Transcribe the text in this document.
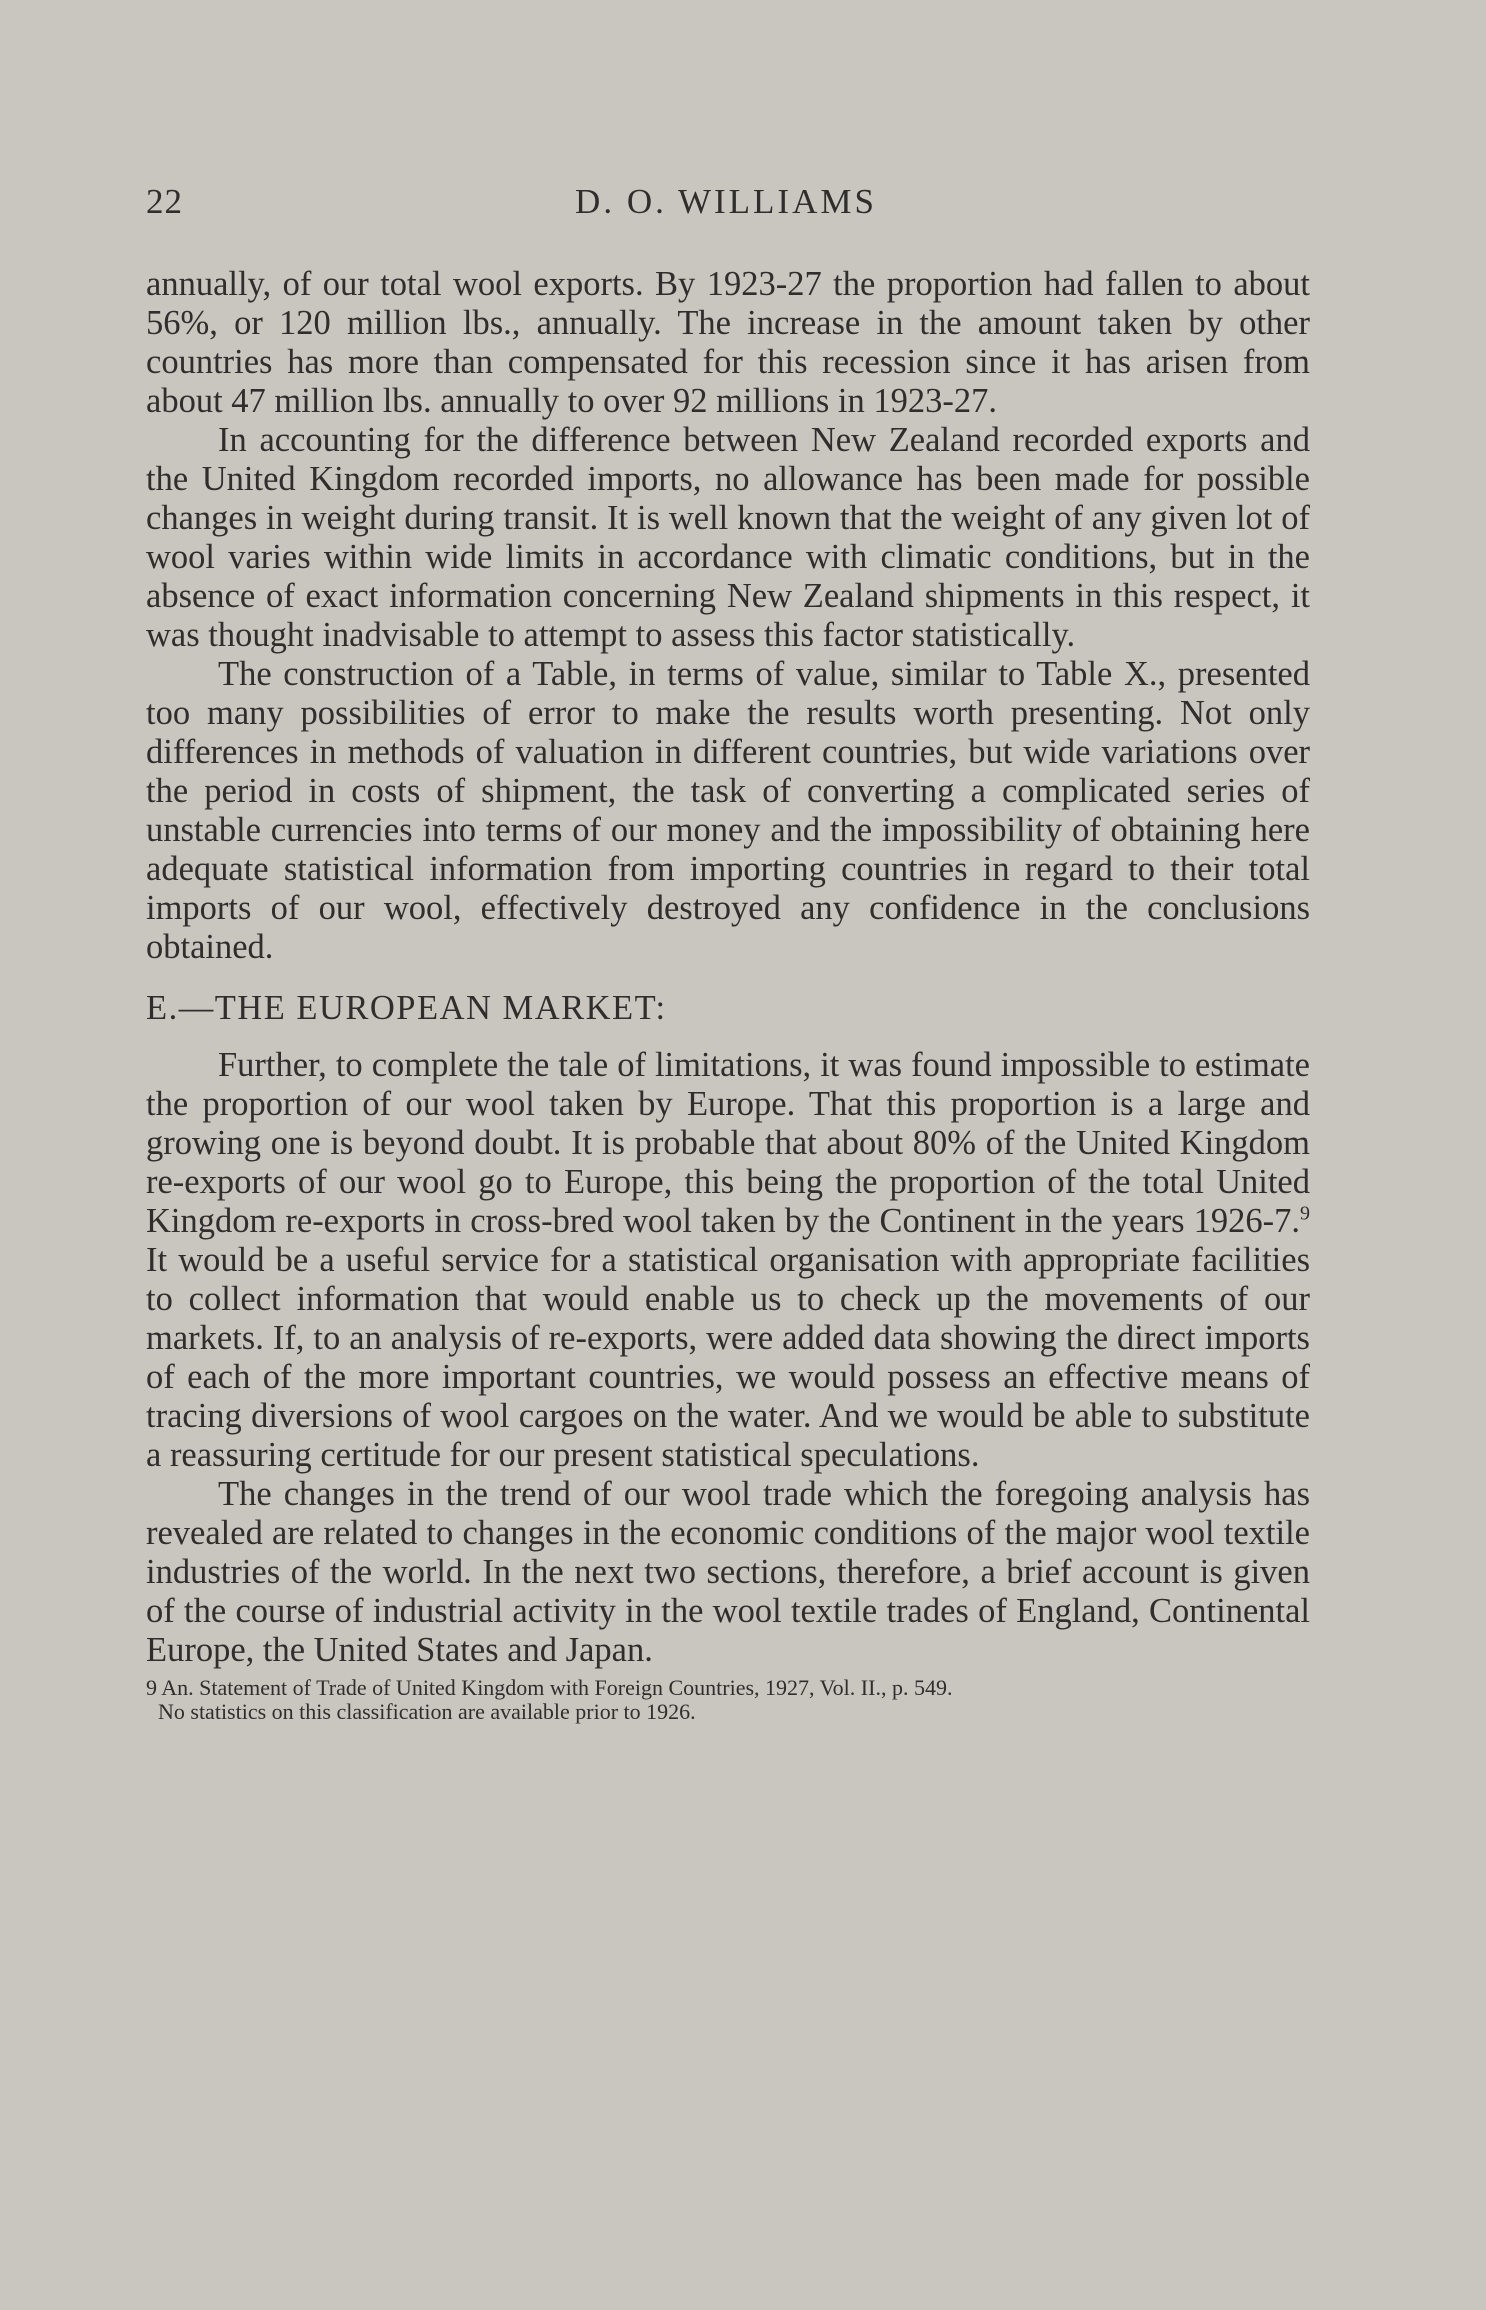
22	D. O. WILLIAMS

annually, of our total wool exports. By 1923-27 the proportion had fallen to about 56%, or 120 million lbs., annually. The increase in the amount taken by other countries has more than compensated for this recession since it has arisen from about 47 million lbs. annually to over 92 millions in 1923-27.

In accounting for the difference between New Zealand recorded exports and the United Kingdom recorded imports, no allowance has been made for possible changes in weight during transit. It is well known that the weight of any given lot of wool varies within wide limits in accordance with climatic conditions, but in the absence of exact information concerning New Zealand shipments in this respect, it was thought inadvisable to attempt to assess this factor statistically.

The construction of a Table, in terms of value, similar to Table X., presented too many possibilities of error to make the results worth presenting. Not only differences in methods of valuation in different countries, but wide variations over the period in costs of shipment, the task of converting a complicated series of unstable currencies into terms of our money and the impossibility of obtaining here adequate statistical information from importing countries in regard to their total imports of our wool, effectively destroyed any confidence in the conclusions obtained.

E.—THE EUROPEAN MARKET:

Further, to complete the tale of limitations, it was found impossible to estimate the proportion of our wool taken by Europe. That this proportion is a large and growing one is beyond doubt. It is probable that about 80% of the United Kingdom re-exports of our wool go to Europe, this being the proportion of the total United Kingdom re-exports in cross-bred wool taken by the Continent in the years 1926-7.$^9$ It would be a useful service for a statistical organisation with appropriate facilities to collect information that would enable us to check up the movements of our markets. If, to an analysis of re-exports, were added data showing the direct imports of each of the more important countries, we would possess an effective means of tracing diversions of wool cargoes on the water. And we would be able to substitute a reassuring certitude for our present statistical speculations.

The changes in the trend of our wool trade which the foregoing analysis has revealed are related to changes in the economic conditions of the major wool textile industries of the world. In the next two sections, therefore, a brief account is given of the course of industrial activity in the wool textile trades of England, Continental Europe, the United States and Japan.

9 An. Statement of Trade of United Kingdom with Foreign Countries, 1927, Vol. II., p. 549.

No statistics on this classification are available prior to 1926.
